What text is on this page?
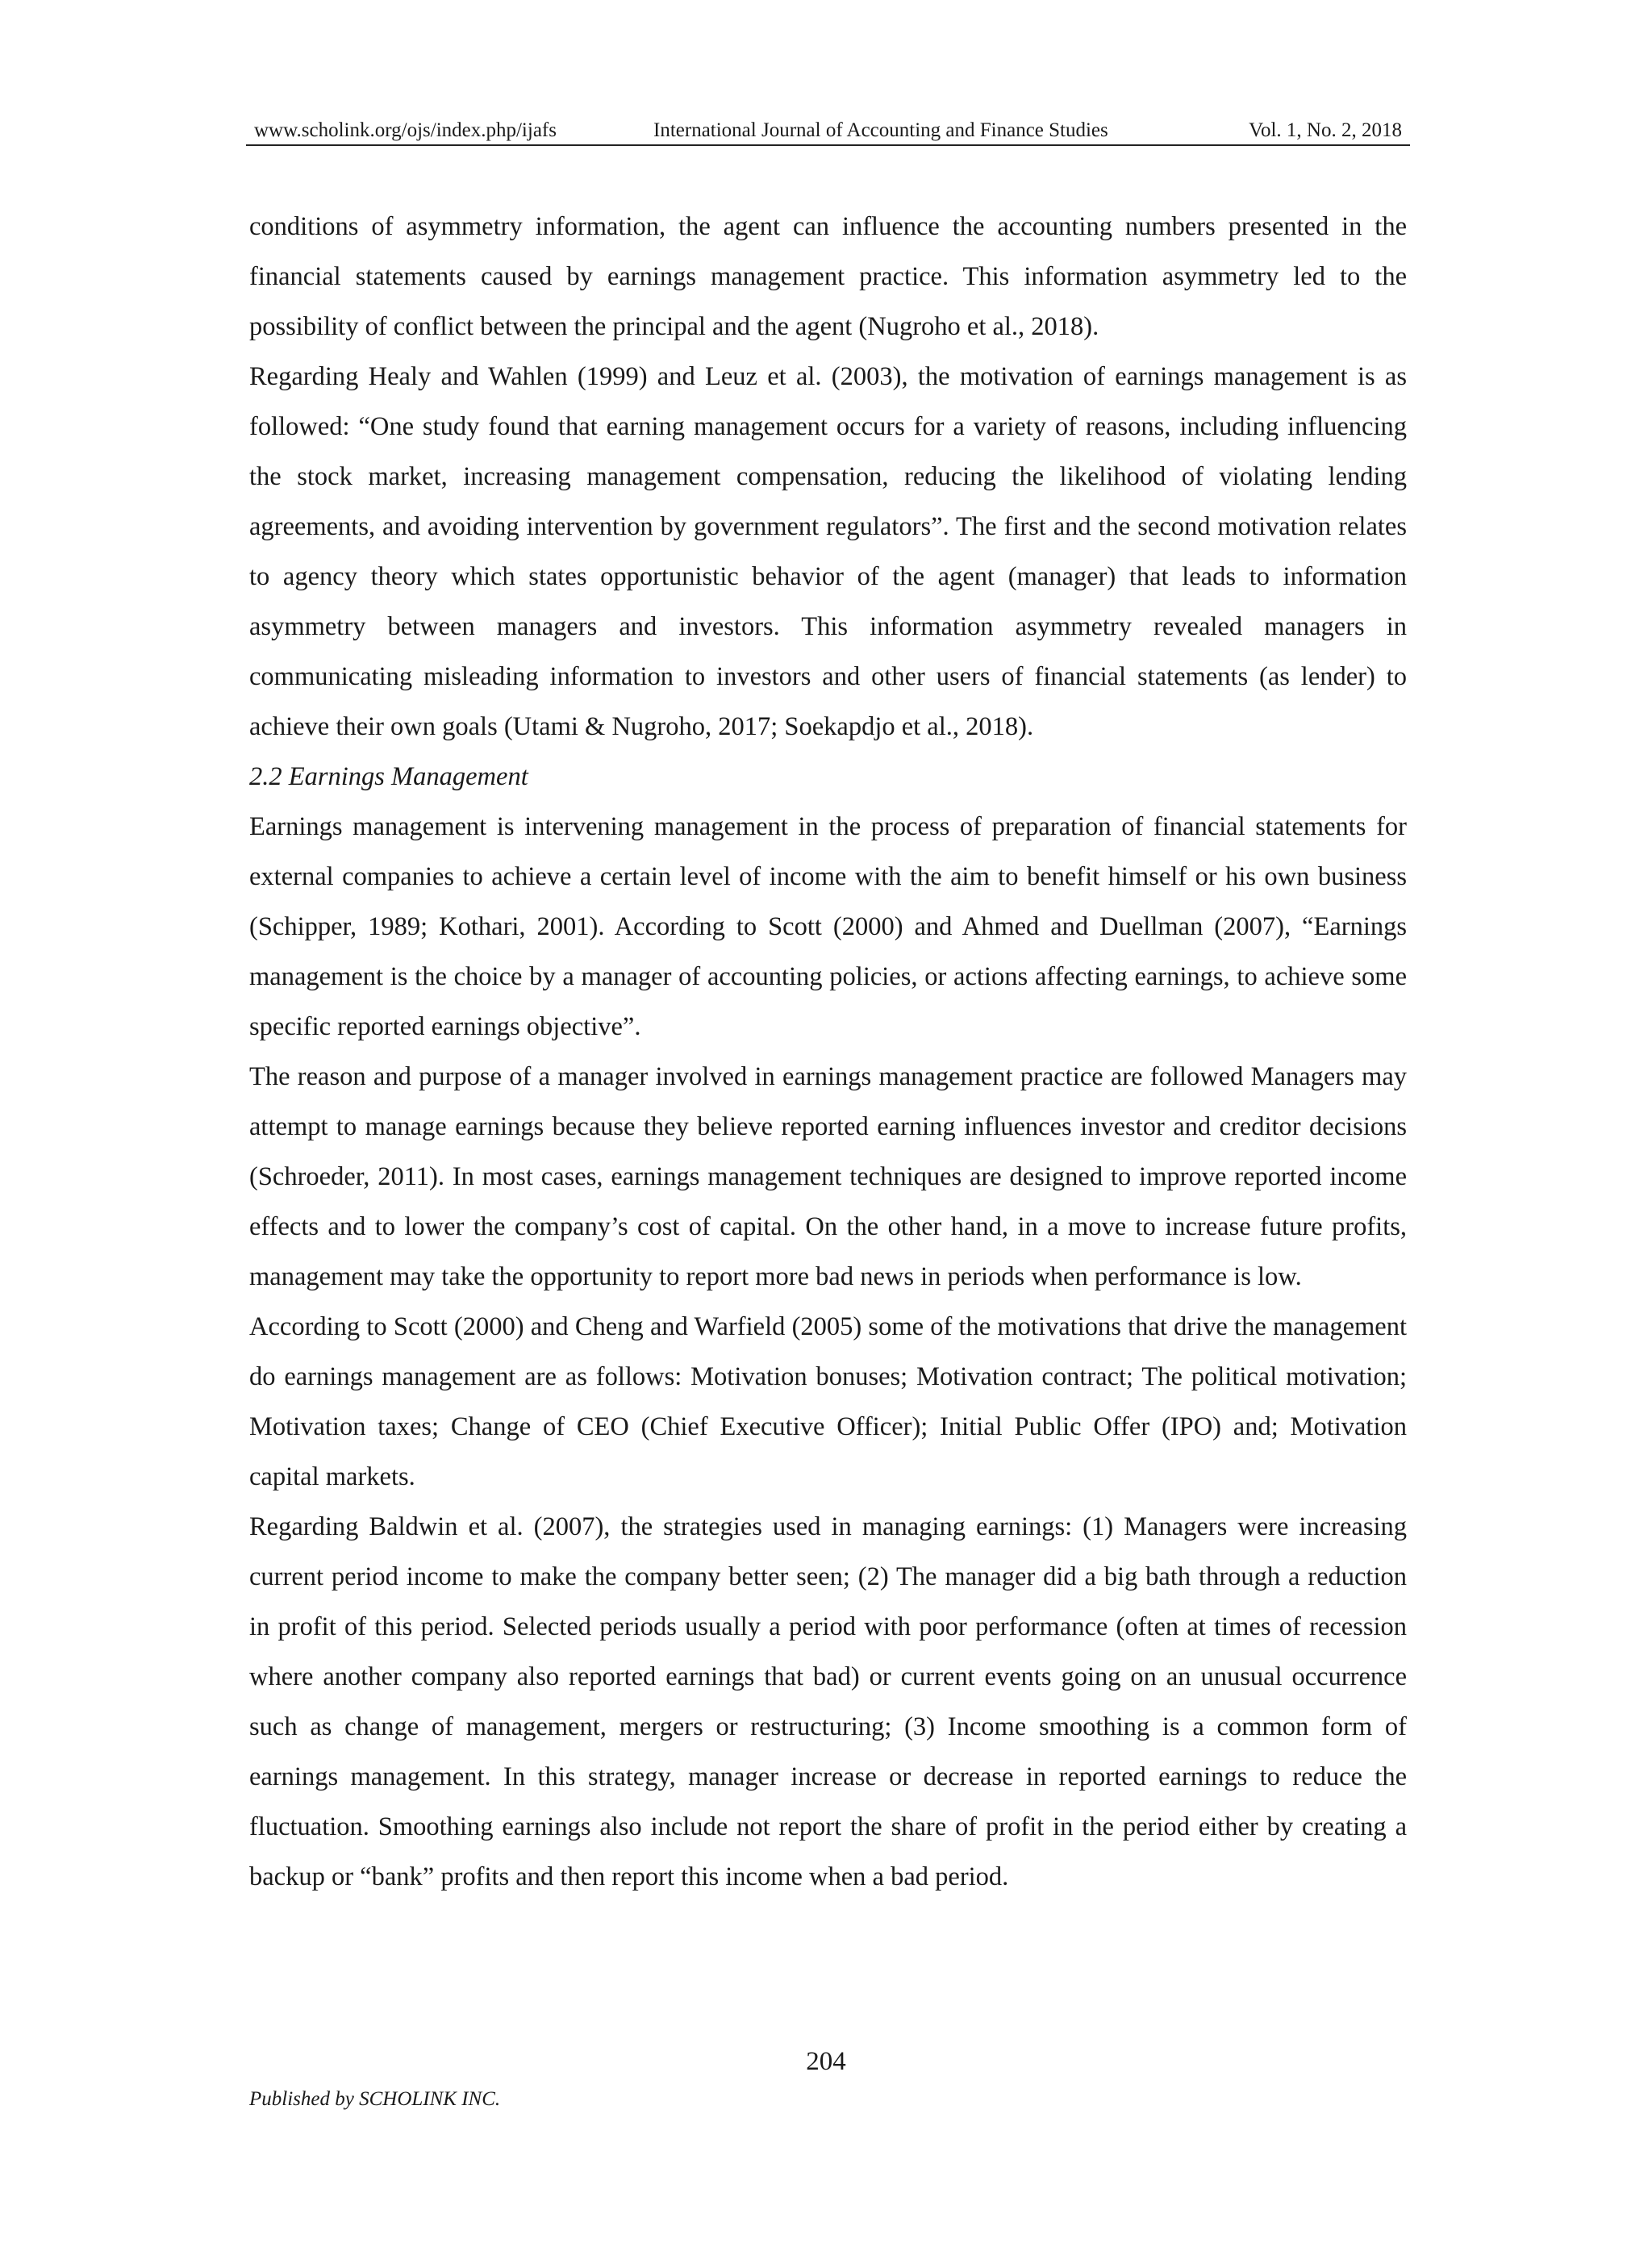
www.scholink.org/ojs/index.php/ijafs	International Journal of Accounting and Finance Studies	Vol. 1, No. 2, 2018

conditions of asymmetry information, the agent can influence the accounting numbers presented in the financial statements caused by earnings management practice. This information asymmetry led to the possibility of conflict between the principal and the agent (Nugroho et al., 2018).

Regarding Healy and Wahlen (1999) and Leuz et al. (2003), the motivation of earnings management is as followed: “One study found that earning management occurs for a variety of reasons, including influencing the stock market, increasing management compensation, reducing the likelihood of violating lending agreements, and avoiding intervention by government regulators”. The first and the second motivation relates to agency theory which states opportunistic behavior of the agent (manager) that leads to information asymmetry between managers and investors. This information asymmetry revealed managers in communicating misleading information to investors and other users of financial statements (as lender) to achieve their own goals (Utami & Nugroho, 2017; Soekapdjo et al., 2018).

2.2 Earnings Management

Earnings management is intervening management in the process of preparation of financial statements for external companies to achieve a certain level of income with the aim to benefit himself or his own business (Schipper, 1989; Kothari, 2001). According to Scott (2000) and Ahmed and Duellman (2007), “Earnings management is the choice by a manager of accounting policies, or actions affecting earnings, to achieve some specific reported earnings objective”.

The reason and purpose of a manager involved in earnings management practice are followed Managers may attempt to manage earnings because they believe reported earning influences investor and creditor decisions (Schroeder, 2011). In most cases, earnings management techniques are designed to improve reported income effects and to lower the company’s cost of capital. On the other hand, in a move to increase future profits, management may take the opportunity to report more bad news in periods when performance is low.

According to Scott (2000) and Cheng and Warfield (2005) some of the motivations that drive the management do earnings management are as follows: Motivation bonuses; Motivation contract; The political motivation; Motivation taxes; Change of CEO (Chief Executive Officer); Initial Public Offer (IPO) and; Motivation capital markets.

Regarding Baldwin et al. (2007), the strategies used in managing earnings: (1) Managers were increasing current period income to make the company better seen; (2) The manager did a big bath through a reduction in profit of this period. Selected periods usually a period with poor performance (often at times of recession where another company also reported earnings that bad) or current events going on an unusual occurrence such as change of management, mergers or restructuring; (3) Income smoothing is a common form of earnings management. In this strategy, manager increase or decrease in reported earnings to reduce the fluctuation. Smoothing earnings also include not report the share of profit in the period either by creating a backup or “bank” profits and then report this income when a bad period.

204
Published by SCHOLINK INC.
